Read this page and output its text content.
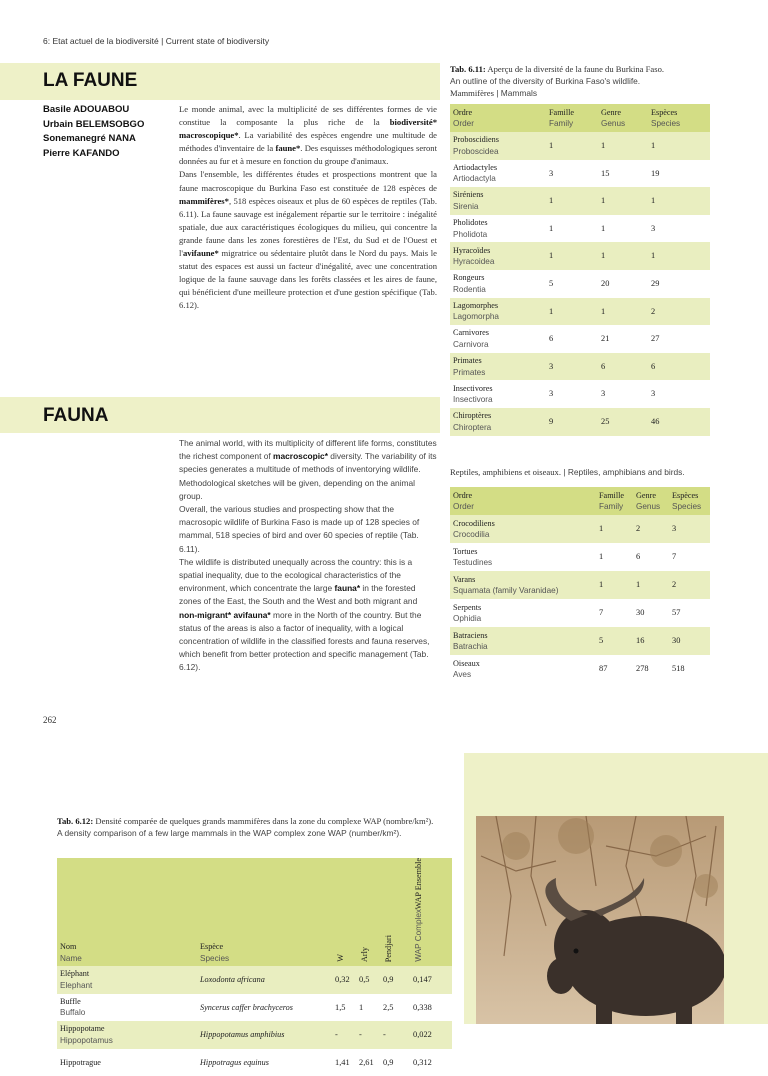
6: Etat actuel de la biodiversité | Current state of biodiversity
LA FAUNE
Basile ADOUABOU
Urbain BELEMSOBGO
Sonemanegré NANA
Pierre KAFANDO
Le monde animal, avec la multiplicité de ses différentes formes de vie constitue la composante la plus riche de la biodiversité* macroscopique*. La variabilité des espèces engendre une multitude de méthodes d'inventaire de la faune*. Des esquisses méthodologiques seront données au fur et à mesure en fonction du groupe d'animaux.
Dans l'ensemble, les différentes études et prospections montrent que la faune macroscopique du Burkina Faso est constituée de 128 espèces de mammifères*, 518 espèces oiseaux et plus de 60 espèces de reptiles (Tab. 6.11). La faune sauvage est inégalement répartie sur le territoire : inégalité spatiale, due aux caractéristiques écologiques du milieu, qui concentre la grande faune dans les zones forestières de l'Est, du Sud et de l'Ouest et l'avifaune* migratrice ou sédentaire plutôt dans le Nord du pays. Mais le statut des espaces est aussi un facteur d'inégalité, avec une concentration logique de la faune sauvage dans les forêts classées et les aires de faune, qui bénéficient d'une meilleure protection et d'une gestion spécifique (Tab. 6.12).
FAUNA
The animal world, with its multiplicity of different life forms, constitutes the richest component of macroscopic* diversity. The variability of its species generates a multitude of methods of inventorying wildlife. Methodological sketches will be given, depending on the animal group.
Overall, the various studies and prospecting show that the macrosopic wildlife of Burkina Faso is made up of 128 species of mammal, 518 species of bird and over 60 species of reptile (Tab. 6.11).
The wildlife is distributed unequally across the country: this is a spatial inequality, due to the ecological characteristics of the environment, which concentrate the large fauna* in the forested zones of the East, the South and the West and both migrant and non-migrant* avifauna* more in the North of the country. But the status of the areas is also a factor of inequality, with a logical concentration of wildlife in the classified forests and fauna reserves, which benefit from better protection and specific management (Tab. 6.12).
Tab. 6.11: Aperçu de la diversité de la faune du Burkina Faso.
An outline of the diversity of Burkina Faso's wildlife.
Mammifères | Mammals
Ordre
Order	Famille
Family	Genre
Genus	Espèces
Species

Proboscidiens
Proboscidea	1	1	1

Artiodactyles
Artiodactyla	3	15	19

Siréniens
Sirenia	1	1	1

Pholidotes
Pholidota	1	1	3

Hyracoïdes
Hyracoidea	1	1	1

Rongeurs
Rodentia	5	20	29

Lagomorphes
Lagomorpha	1	1	2

Carnivores
Carnivora	6	21	27

Primates
Primates	3	6	6

Insectivores
Insectivora	3	3	3

Chiroptères
Chiroptera	9	25	46
Reptiles, amphibiens et oiseaux. | Reptiles, amphibians and birds.
Ordre
Order	Famille
Family	Genre
Genus	Espèces
Species

Crocodiliens
Crocodilia	1	2	3

Tortues
Testudines	1	6	7

Varans
Squamata (family Varanidae)	1	1	2

Serpents
Ophidia	7	30	57

Batraciens
Batrachia	5	16	30

Oiseaux
Aves	87	278	518
262
Tab. 6.12: Densité comparée de quelques grands mammifères dans la zone du complexe WAP (nombre/km²).
A density comparison of a few large mammals in the WAP complex zone WAP (number/km²).
Nom
Name	Espèce
Species	W	Arly	Pendjari	WAP Ensemble
WAP Complex

Eléphant
Elephant	Loxodonta africana	0,32	0,5	0,9	0,147

Buffle
Buffalo	Syncerus caffer brachyceros	1,5	1	2,5	0,338

Hippopotame
Hippopotamus	Hippopotamus amphibius	-	-	-	0,022

Hippotrague	Hippotragus equinus	1,41	2,61	0,9	0,312
